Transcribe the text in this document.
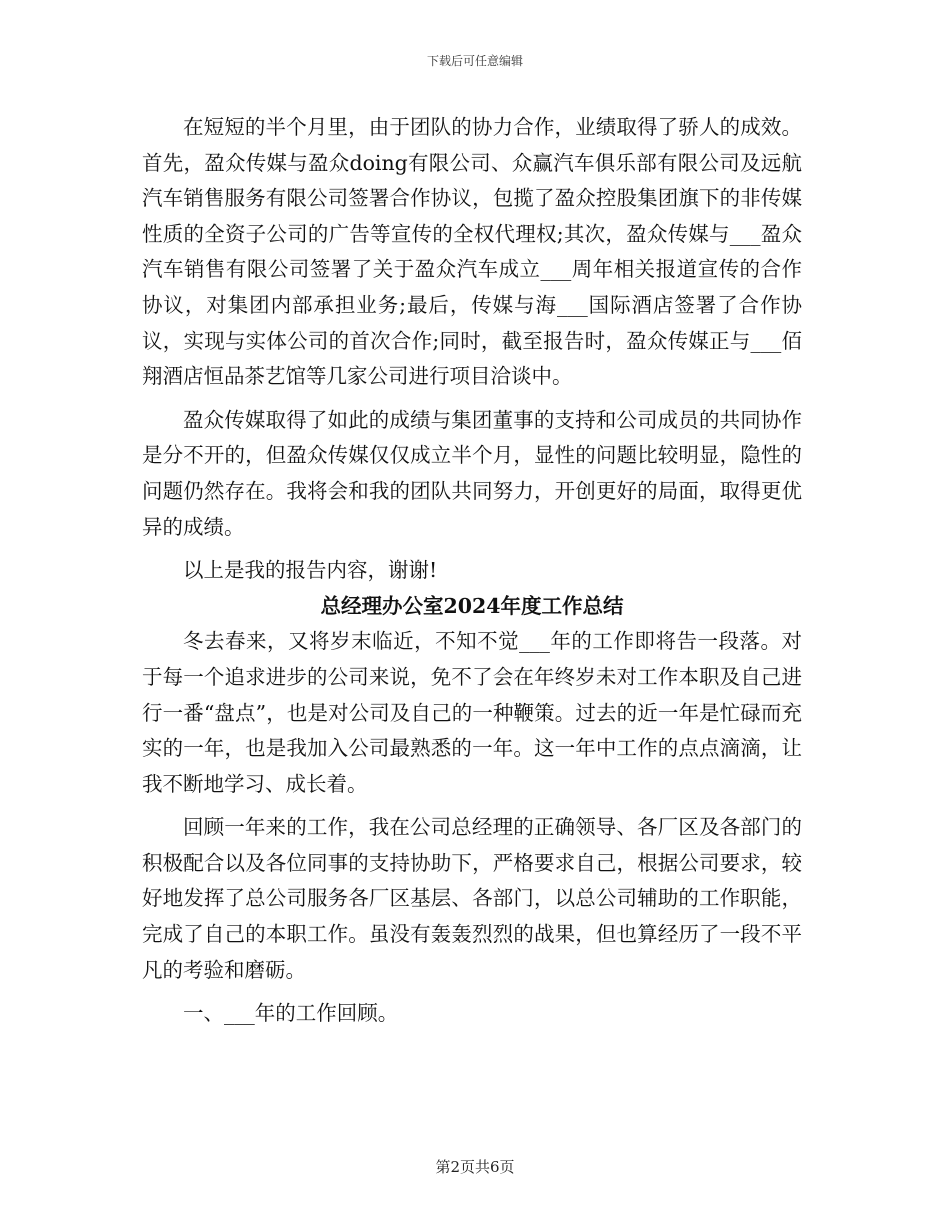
下载后可任意编辑

在短短的半个月里，由于团队的协力合作，业绩取得了骄人的成效。首先，盈众传媒与盈众doing有限公司、众赢汽车俱乐部有限公司及远航汽车销售服务有限公司签署合作协议，包揽了盈众控股集团旗下的非传媒性质的全资子公司的广告等宣传的全权代理权;其次，盈众传媒与___盈众汽车销售有限公司签署了关于盈众汽车成立___周年相关报道宣传的合作协议，对集团内部承担业务;最后，传媒与海___国际酒店签署了合作协议，实现与实体公司的首次合作;同时，截至报告时，盈众传媒正与___佰翔酒店恒品茶艺馆等几家公司进行项目洽谈中。

盈众传媒取得了如此的成绩与集团董事的支持和公司成员的共同协作是分不开的，但盈众传媒仅仅成立半个月，显性的问题比较明显，隐性的问题仍然存在。我将会和我的团队共同努力，开创更好的局面，取得更优异的成绩。

以上是我的报告内容，谢谢!

总经理办公室2024年度工作总结

冬去春来，又将岁末临近，不知不觉___年的工作即将告一段落。对于每一个追求进步的公司来说，免不了会在年终岁未对工作本职及自己进行一番“盘点”，也是对公司及自己的一种鞭策。过去的近一年是忙碌而充实的一年，也是我加入公司最熟悉的一年。这一年中工作的点点滴滴，让我不断地学习、成长着。

回顾一年来的工作，我在公司总经理的正确领导、各厂区及各部门的积极配合以及各位同事的支持协助下，严格要求自己，根据公司要求，较好地发挥了总公司服务各厂区基层、各部门，以总公司辅助的工作职能，完成了自己的本职工作。虽没有轰轰烈烈的战果，但也算经历了一段不平凡的考验和磨砺。

一、___年的工作回顾。

第2页共6页
